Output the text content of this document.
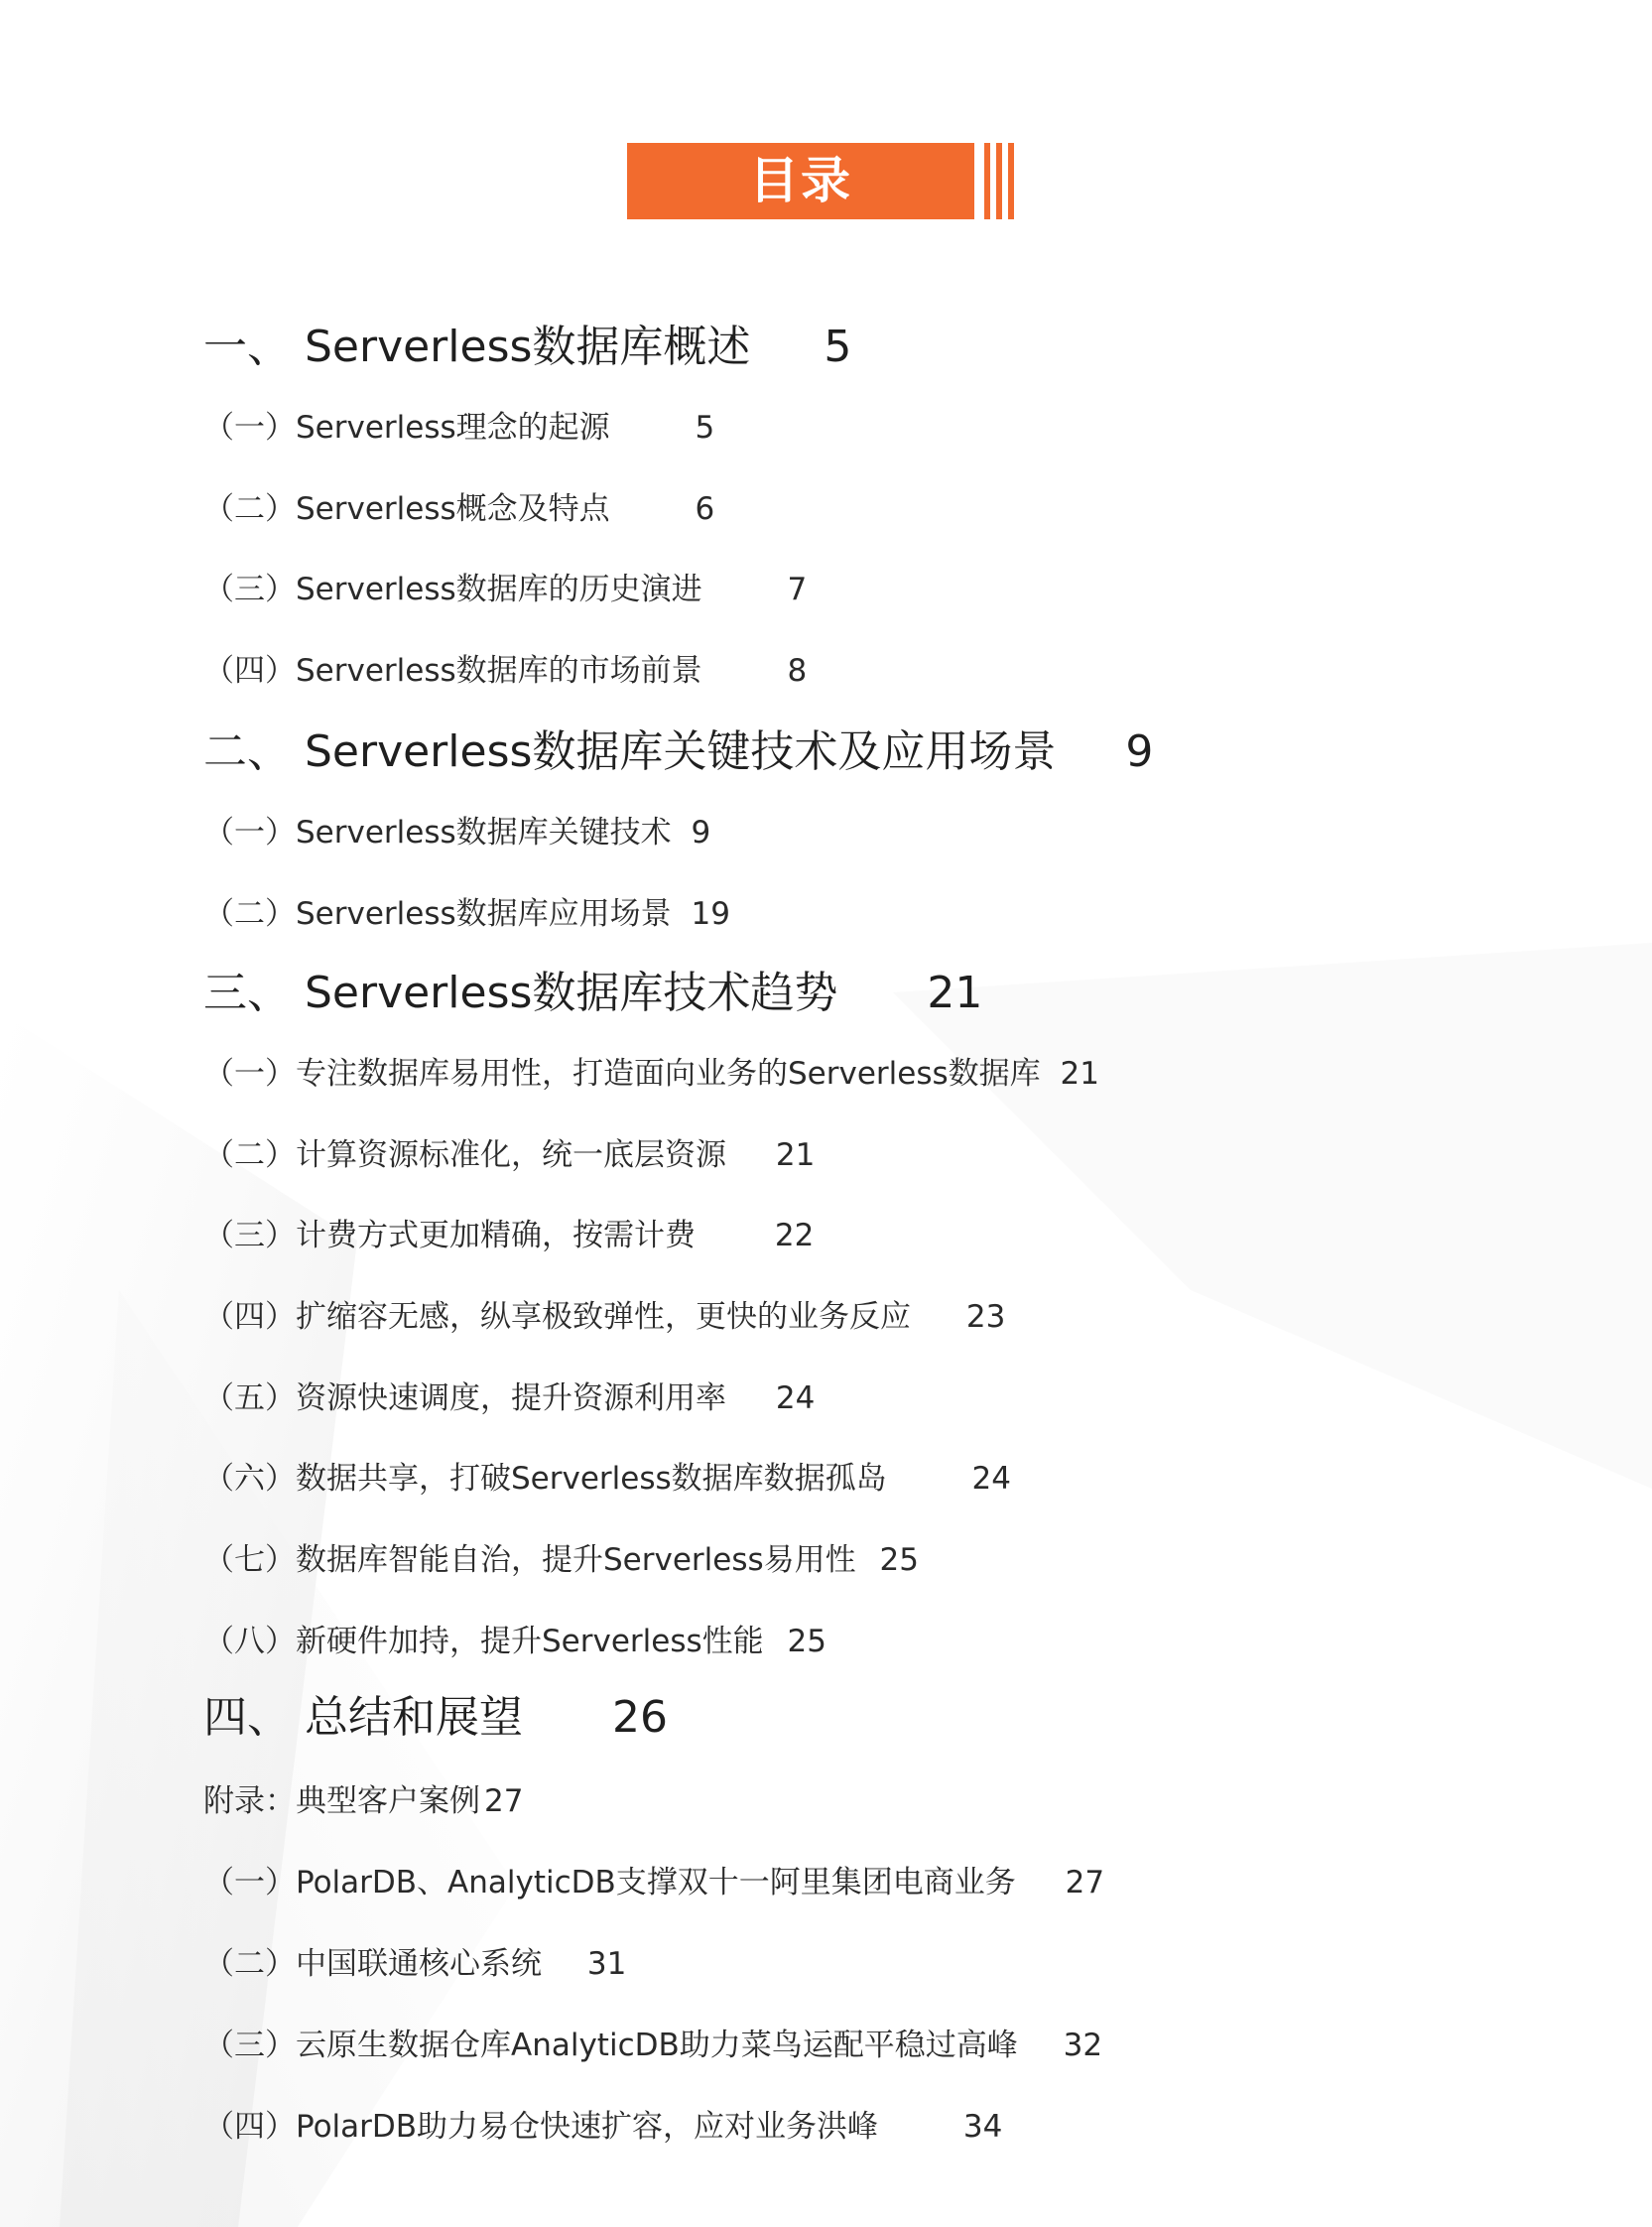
目录
一、 Serverless数据库概述 5
（一）Serverless理念的起源	5
（二）Serverless概念及特点	6
（三）Serverless数据库的历史演进	7
（四）Serverless数据库的市场前景	8
二、 Serverless数据库关键技术及应用场景 9
（一）Serverless数据库关键技术 9
（二）Serverless数据库应用场景 19
三、 Serverless数据库技术趋势 21
（一）专注数据库易用性，打造面向业务的Serverless数据库 21
（二）计算资源标准化，统一底层资源 21
（三）计费方式更加精确，按需计费	22
（四）扩缩容无感，纵享极致弹性，更快的业务反应 23
（五）资源快速调度，提升资源利用率 24
（六）数据共享，打破Serverless数据库数据孤岛	24
（七）数据库智能自治，提升Serverless易用性 25
（八）新硬件加持，提升Serverless性能 25
四、 总结和展望 26
附录：典型客户案例 27
（一）PolarDB、AnalyticDB支撑双十一阿里集团电商业务 27
（二）中国联通核心系统 31
（三）云原生数据仓库AnalyticDB助力菜鸟运配平稳过高峰 32
（四）PolarDB助力易仓快速扩容，应对业务洪峰	34
